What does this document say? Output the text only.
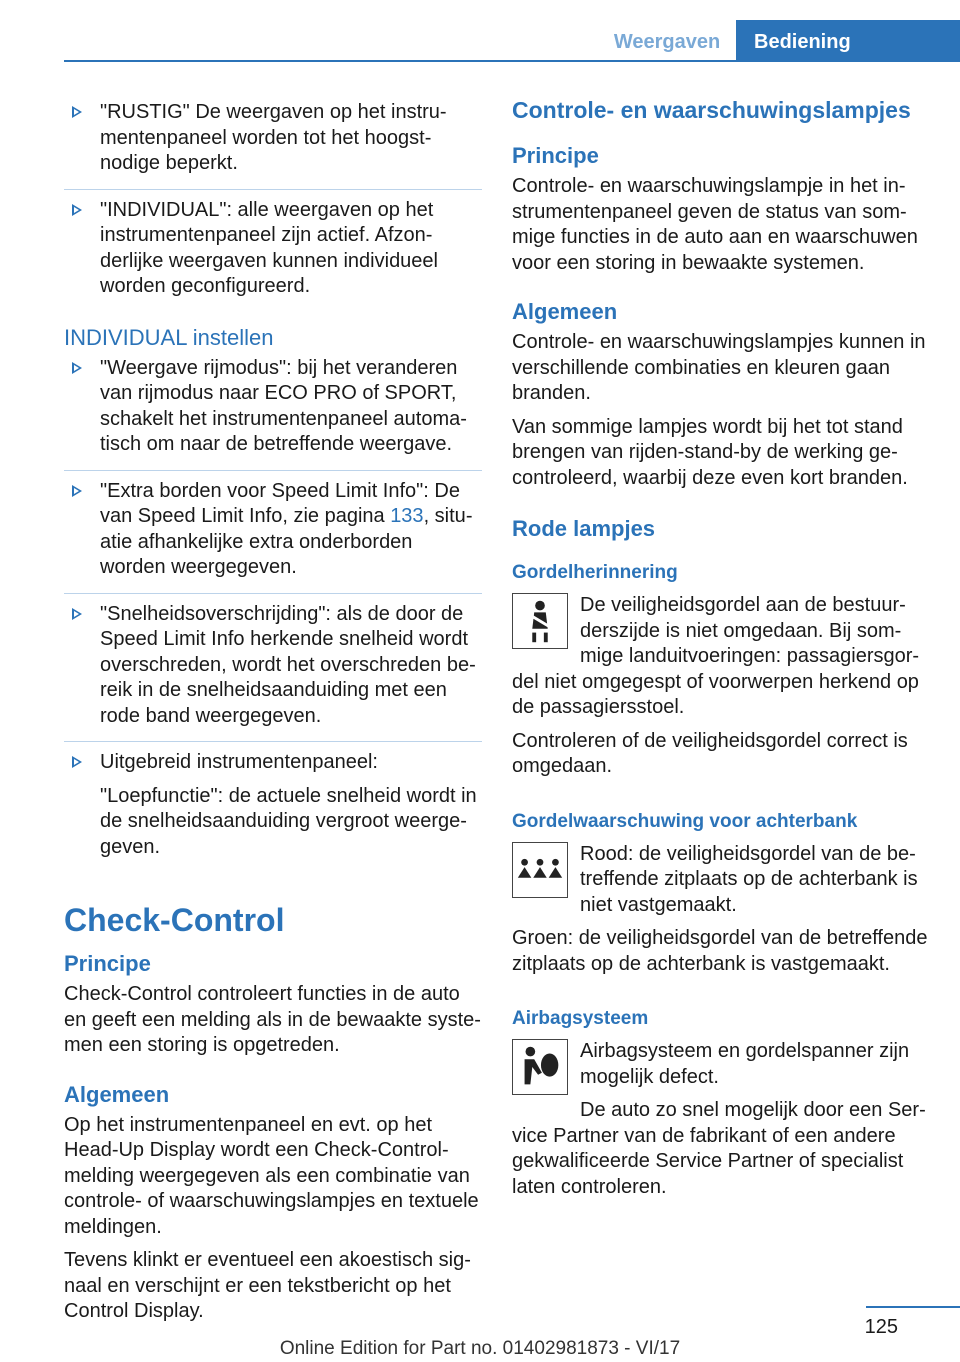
Weergaven	Bediening

"RUSTIG" De weergaven op het instrumentenpaneel worden tot het hoogstnodige beperkt.

"INDIVIDUAL": alle weergaven op het instrumentenpaneel zijn actief. Afzonderlijke weergaven kunnen individueel worden geconfigureerd.

INDIVIDUAL instellen

"Weergave rijmodus": bij het veranderen van rijmodus naar ECO PRO of SPORT, schakelt het instrumentenpaneel automatisch om naar de betreffende weergave.

"Extra borden voor Speed Limit Info": De van Speed Limit Info, zie pagina 133, situatie afhankelijke extra onderborden worden weergegeven.

"Snelheidsoverschrijding": als de door de Speed Limit Info herkende snelheid wordt overschreden, wordt het overschreden bereik in de snelheidsaanduiding met een rode band weergegeven.

Uitgebreid instrumentenpaneel:

"Loepfunctie": de actuele snelheid wordt in de snelheidsaanduiding vergroot weergegeven.

Check-Control
Principe

Check-Control controleert functies in de auto en geeft een melding als in de bewaakte systemen een storing is opgetreden.

Algemeen

Op het instrumentenpaneel en evt. op het Head-Up Display wordt een Check-Control-melding weergegeven als een combinatie van controle- of waarschuwingslampjes en textuele meldingen.

Tevens klinkt er eventueel een akoestisch signaal en verschijnt er een tekstbericht op het Control Display.

Controle- en waarschuwingslampjes
Principe

Controle- en waarschuwingslampje in het instrumentenpaneel geven de status van sommige functies in de auto aan en waarschuwen voor een storing in bewaakte systemen.

Algemeen

Controle- en waarschuwingslampjes kunnen in verschillende combinaties en kleuren gaan branden.

Van sommige lampjes wordt bij het tot stand brengen van rijden-stand-by de werking gecontroleerd, waarbij deze even kort branden.

Rode lampjes
Gordelherinnering

De veiligheidsgordel aan de bestuurderszijde is niet omgedaan. Bij sommige landuitvoeringen: passagiersgordel niet omgegespt of voorwerpen herkend op de passagiersstoel.

Controleren of de veiligheidsgordel correct is omgedaan.

Gordelwaarschuwing voor achterbank

Rood: de veiligheidsgordel van de betreffende zitplaats op de achterbank is niet vastgemaakt.

Groen: de veiligheidsgordel van de betreffende zitplaats op de achterbank is vastgemaakt.

Airbagsysteem

Airbagsysteem en gordelspanner zijn mogelijk defect.

De auto zo snel mogelijk door een Service Partner van de fabrikant of een andere gekwalificeerde Service Partner of specialist laten controleren.

125
Online Edition for Part no. 01402981873 - VI/17
